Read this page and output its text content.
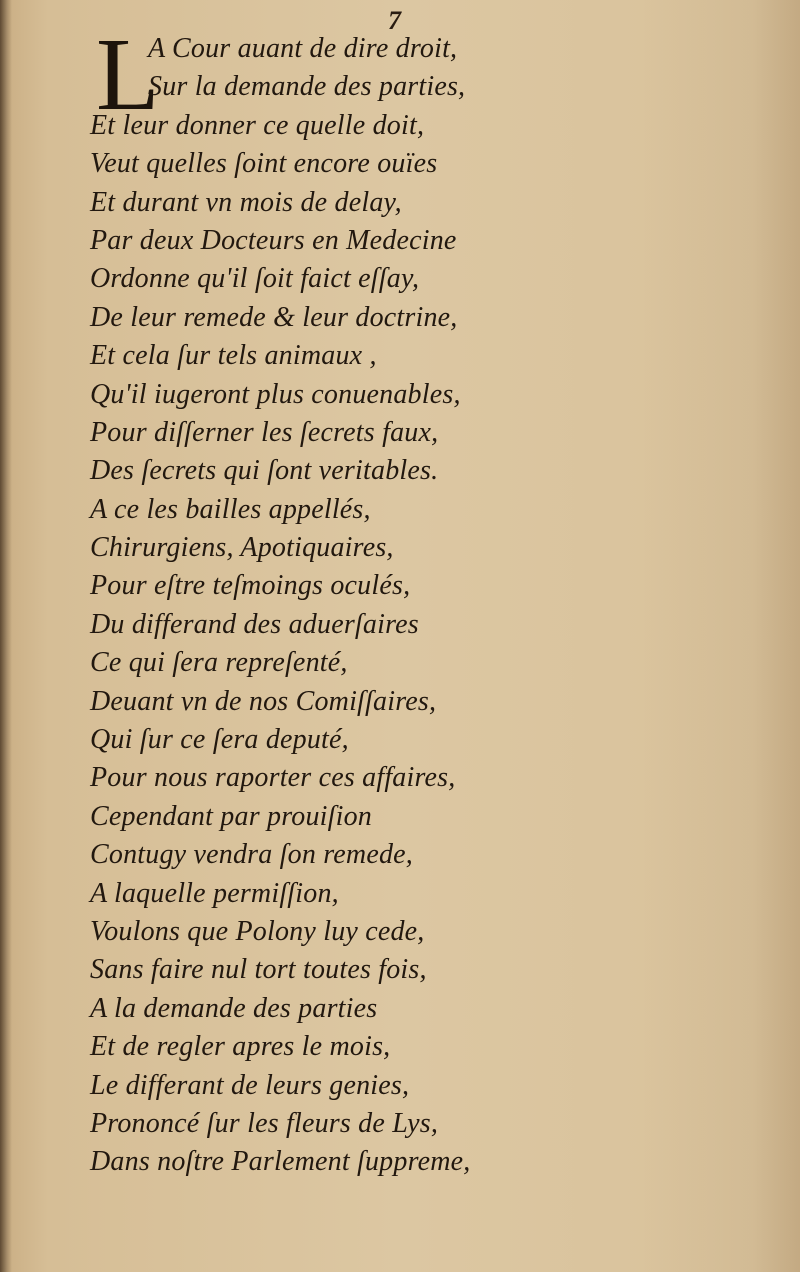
7
L
A Cour auant de dire droit,
Sur la demande des parties,
Et leur donner ce quelle doit,
Veut quelles ſoint encore ouïes
Et durant vn mois de delay,
Par deux Docteurs en Medecine
Ordonne qu'il ſoit faict eſſay,
De leur remede & leur doctrine,
Et cela ſur tels animaux ,
Qu'il iugeront plus conuenables,
Pour diſſerner les ſecrets faux,
Des ſecrets qui ſont veritables.
A ce les bailles appellés,
Chirurgiens, Apotiquaires,
Pour eſtre teſmoings oculés,
Du differand des aduerſaires
Ce qui ſera repreſenté,
Deuant vn de nos Comiſſaires,
Qui ſur ce ſera deputé,
Pour nous raporter ces affaires,
Cependant par prouiſion
Contugy vendra ſon remede,
A laquelle permiſſion,
Voulons que Polony luy cede,
Sans faire nul tort toutes fois,
A la demande des parties
Et de regler apres le mois,
Le differant de leurs genies,
Prononcé ſur les fleurs de Lys,
Dans noſtre Parlement ſuppreme,
